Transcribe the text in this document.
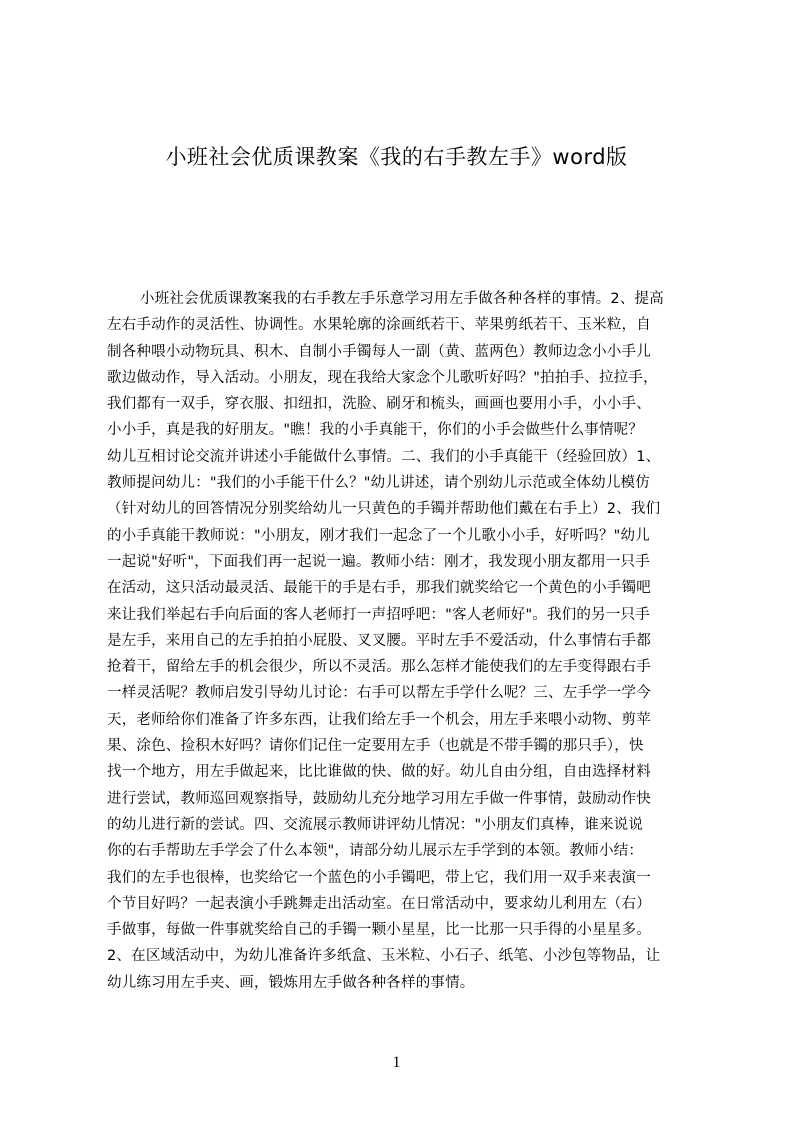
小班社会优质课教案《我的右手教左手》word版
小班社会优质课教案我的右手教左手乐意学习用左手做各种各样的事情。2、提高
左右手动作的灵活性、协调性。水果轮廓的涂画纸若干、苹果剪纸若干、玉米粒，自
制各种喂小动物玩具、积木、自制小手镯每人一副（黄、蓝两色）教师边念小小手儿
歌边做动作，导入活动。小朋友，现在我给大家念个儿歌听好吗？"拍拍手、拉拉手，
我们都有一双手，穿衣服、扣纽扣，洗脸、刷牙和梳头，画画也要用小手，小小手、
小小手，真是我的好朋友。"瞧！我的小手真能干，你们的小手会做些什么事情呢？
幼儿互相讨论交流并讲述小手能做什么事情。二、我们的小手真能干（经验回放）1、
教师提问幼儿："我们的小手能干什么？"幼儿讲述，请个别幼儿示范或全体幼儿模仿
（针对幼儿的回答情况分别奖给幼儿一只黄色的手镯并帮助他们戴在右手上）2、我们
的小手真能干教师说："小朋友，刚才我们一起念了一个儿歌小小手，好听吗？"幼儿
一起说"好听"，下面我们再一起说一遍。教师小结：刚才，我发现小朋友都用一只手
在活动，这只活动最灵活、最能干的手是右手，那我们就奖给它一个黄色的小手镯吧
来让我们举起右手向后面的客人老师打一声招呼吧："客人老师好"。我们的另一只手
是左手，来用自己的左手拍拍小屁股、叉叉腰。平时左手不爱活动，什么事情右手都
抢着干，留给左手的机会很少，所以不灵活。那么怎样才能使我们的左手变得跟右手
一样灵活呢？教师启发引导幼儿讨论：右手可以帮左手学什么呢？三、左手学一学今
天，老师给你们准备了许多东西，让我们给左手一个机会，用左手来喂小动物、剪苹
果、涂色、捡积木好吗？请你们记住一定要用左手（也就是不带手镯的那只手），快
找一个地方，用左手做起来，比比谁做的快、做的好。幼儿自由分组，自由选择材料
进行尝试，教师巡回观察指导，鼓励幼儿充分地学习用左手做一件事情，鼓励动作快
的幼儿进行新的尝试。四、交流展示教师讲评幼儿情况："小朋友们真棒，谁来说说
你的右手帮助左手学会了什么本领"，请部分幼儿展示左手学到的本领。教师小结：
我们的左手也很棒，也奖给它一个蓝色的小手镯吧，带上它，我们用一双手来表演一
个节目好吗？一起表演小手跳舞走出活动室。在日常活动中，要求幼儿利用左（右）
手做事，每做一件事就奖给自己的手镯一颗小星星，比一比那一只手得的小星星多。
2、在区域活动中，为幼儿准备许多纸盒、玉米粒、小石子、纸笔、小沙包等物品，让
幼儿练习用左手夹、画，锻炼用左手做各种各样的事情。
1
